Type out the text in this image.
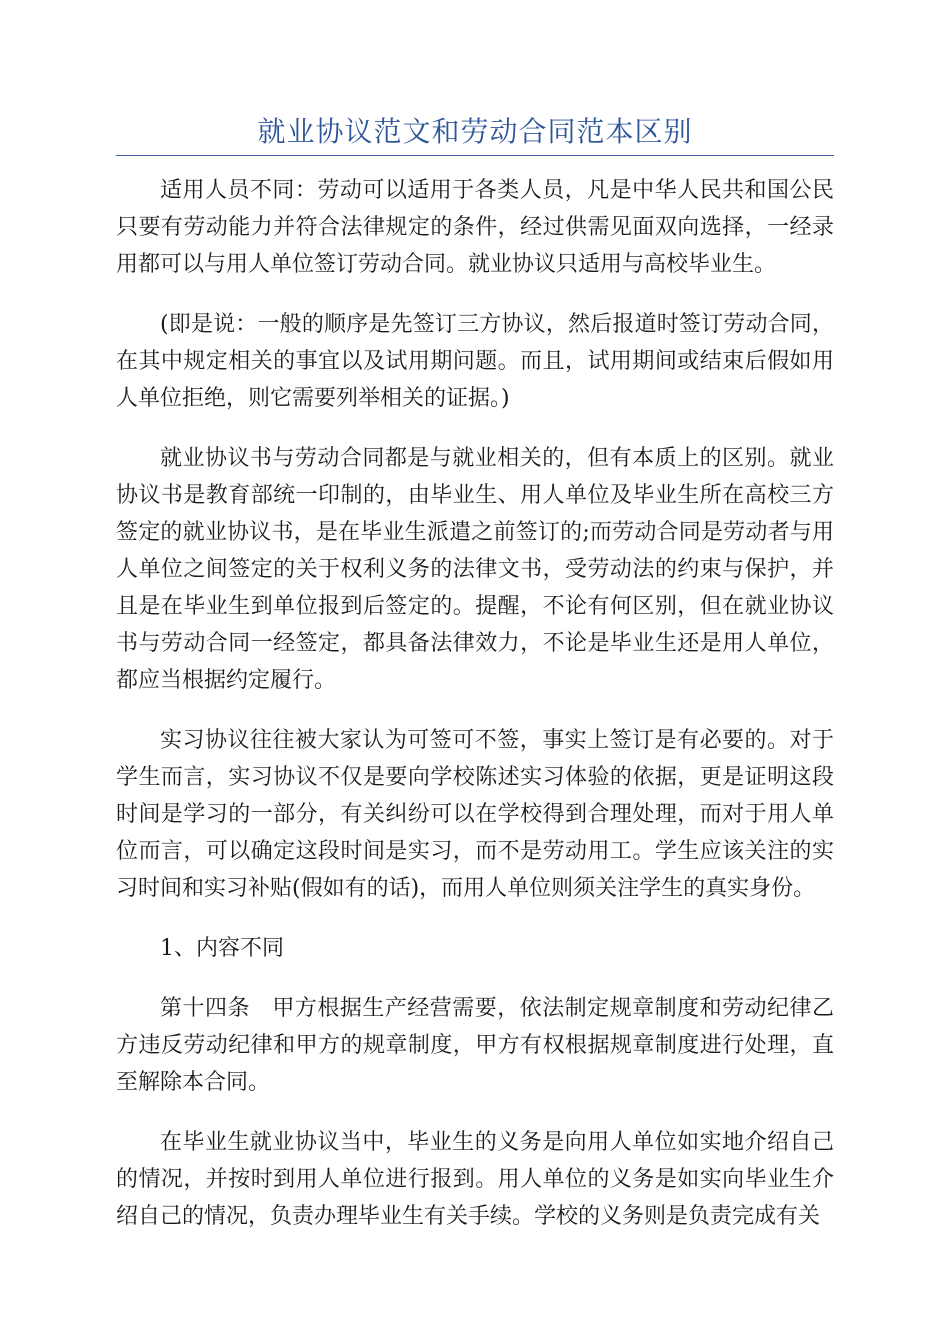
就业协议范文和劳动合同范本区别

适用人员不同：劳动可以适用于各类人员，凡是中华人民共和国公民只要有劳动能力并符合法律规定的条件，经过供需见面双向选择，一经录用都可以与用人单位签订劳动合同。就业协议只适用与高校毕业生。

(即是说：一般的顺序是先签订三方协议，然后报道时签订劳动合同，在其中规定相关的事宜以及试用期问题。而且，试用期间或结束后假如用人单位拒绝，则它需要列举相关的证据。)

就业协议书与劳动合同都是与就业相关的，但有本质上的区别。就业协议书是教育部统一印制的，由毕业生、用人单位及毕业生所在高校三方签定的就业协议书，是在毕业生派遣之前签订的;而劳动合同是劳动者与用人单位之间签定的关于权利义务的法律文书，受劳动法的约束与保护，并且是在毕业生到单位报到后签定的。提醒，不论有何区别，但在就业协议书与劳动合同一经签定，都具备法律效力，不论是毕业生还是用人单位，都应当根据约定履行。

实习协议往往被大家认为可签可不签，事实上签订是有必要的。对于学生而言，实习协议不仅是要向学校陈述实习体验的依据，更是证明这段时间是学习的一部分，有关纠纷可以在学校得到合理处理，而对于用人单位而言，可以确定这段时间是实习，而不是劳动用工。学生应该关注的实习时间和实习补贴(假如有的话)，而用人单位则须关注学生的真实身份。

1、内容不同

第十四条　甲方根据生产经营需要，依法制定规章制度和劳动纪律乙方违反劳动纪律和甲方的规章制度，甲方有权根据规章制度进行处理，直至解除本合同。

在毕业生就业协议当中，毕业生的义务是向用人单位如实地介绍自己的情况，并按时到用人单位进行报到。用人单位的义务是如实向毕业生介绍自己的情况，负责办理毕业生有关手续。学校的义务则是负责完成有关
